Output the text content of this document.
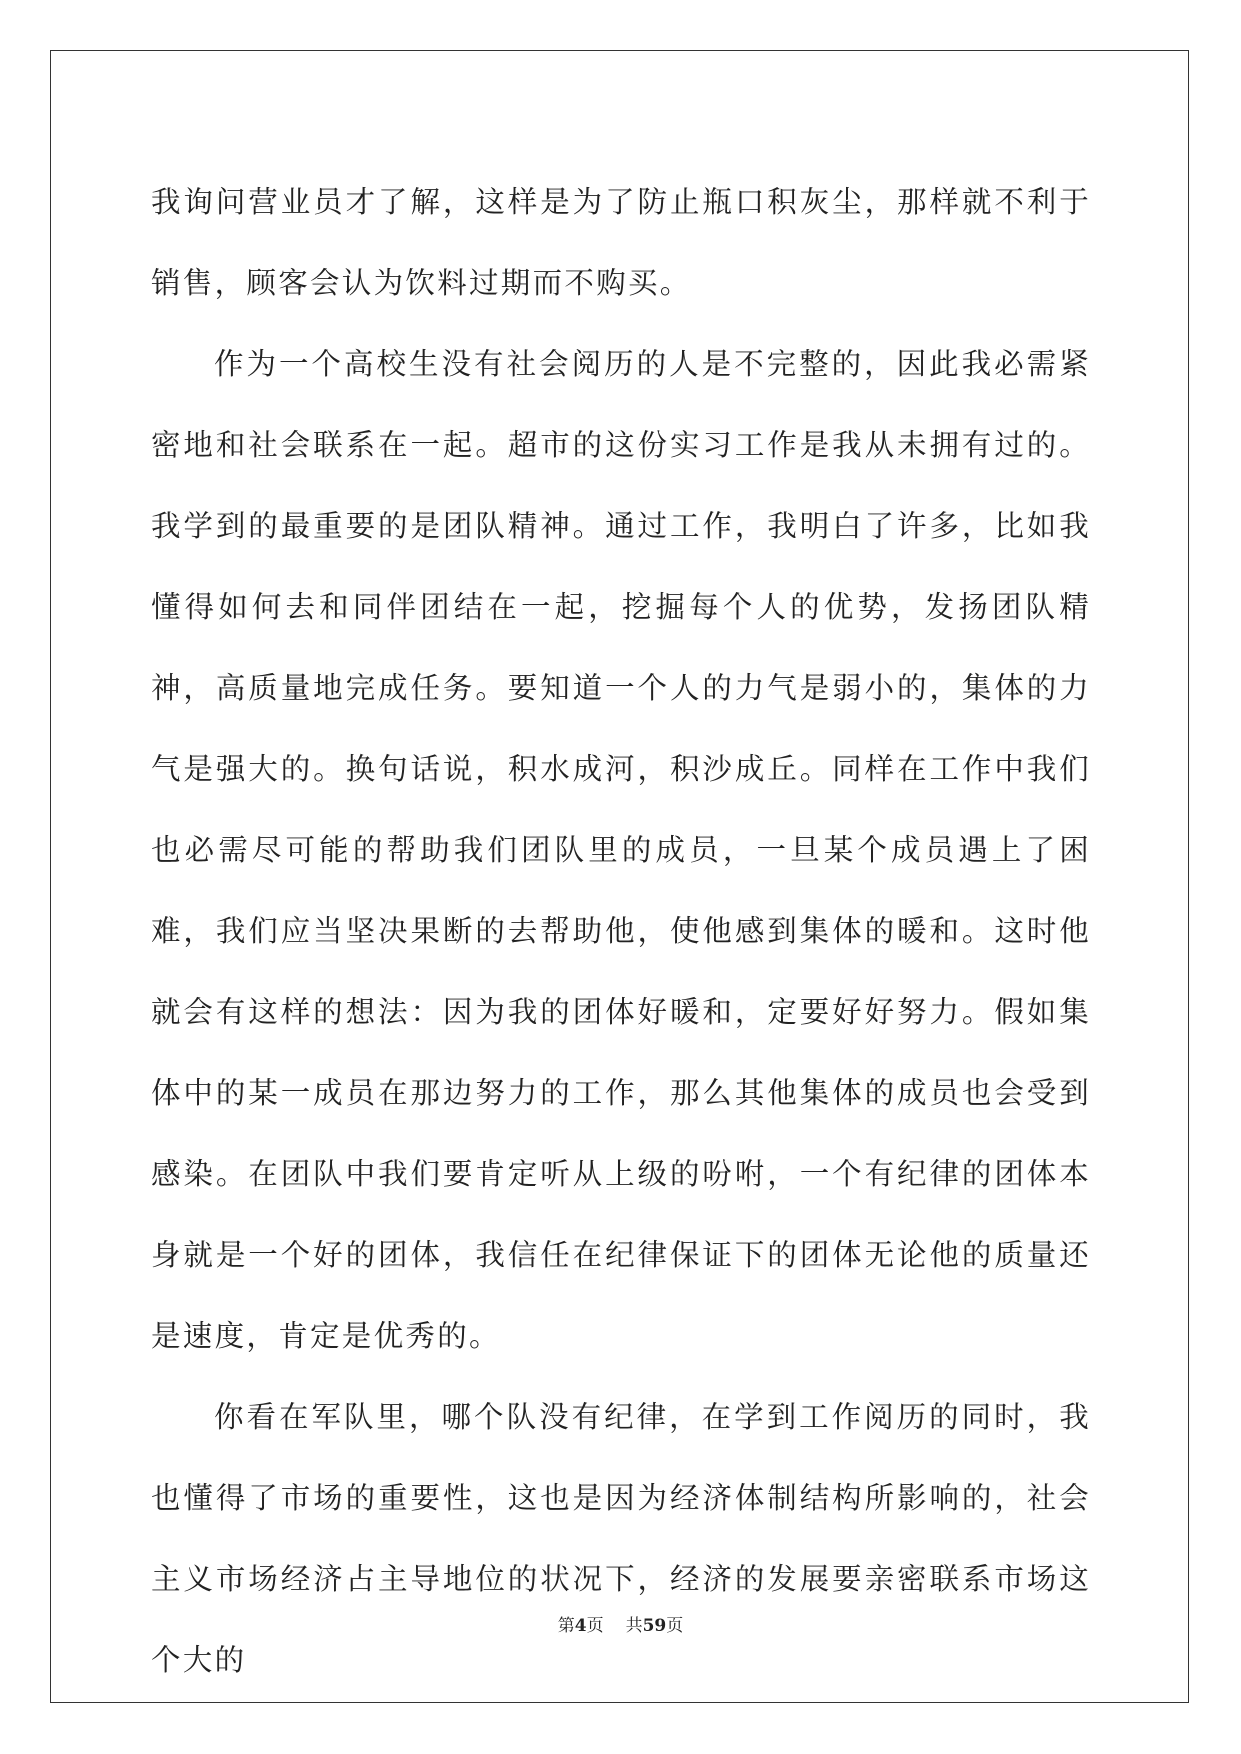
我询问营业员才了解，这样是为了防止瓶口积灰尘，那样就不利于销售，顾客会认为饮料过期而不购买。

作为一个高校生没有社会阅历的人是不完整的，因此我必需紧密地和社会联系在一起。超市的这份实习工作是我从未拥有过的。我学到的最重要的是团队精神。通过工作，我明白了许多，比如我懂得如何去和同伴团结在一起，挖掘每个人的优势，发扬团队精神，高质量地完成任务。要知道一个人的力气是弱小的，集体的力气是强大的。换句话说，积水成河，积沙成丘。同样在工作中我们也必需尽可能的帮助我们团队里的成员，一旦某个成员遇上了困难，我们应当坚决果断的去帮助他，使他感到集体的暖和。这时他就会有这样的想法：因为我的团体好暖和，定要好好努力。假如集体中的某一成员在那边努力的工作，那么其他集体的成员也会受到感染。在团队中我们要肯定听从上级的吩咐，一个有纪律的团体本身就是一个好的团体，我信任在纪律保证下的团体无论他的质量还是速度，肯定是优秀的。

你看在军队里，哪个队没有纪律，在学到工作阅历的同时，我也懂得了市场的重要性，这也是因为经济体制结构所影响的，社会主义市场经济占主导地位的状况下，经济的发展要亲密联系市场这个大的

第4页 共59页
